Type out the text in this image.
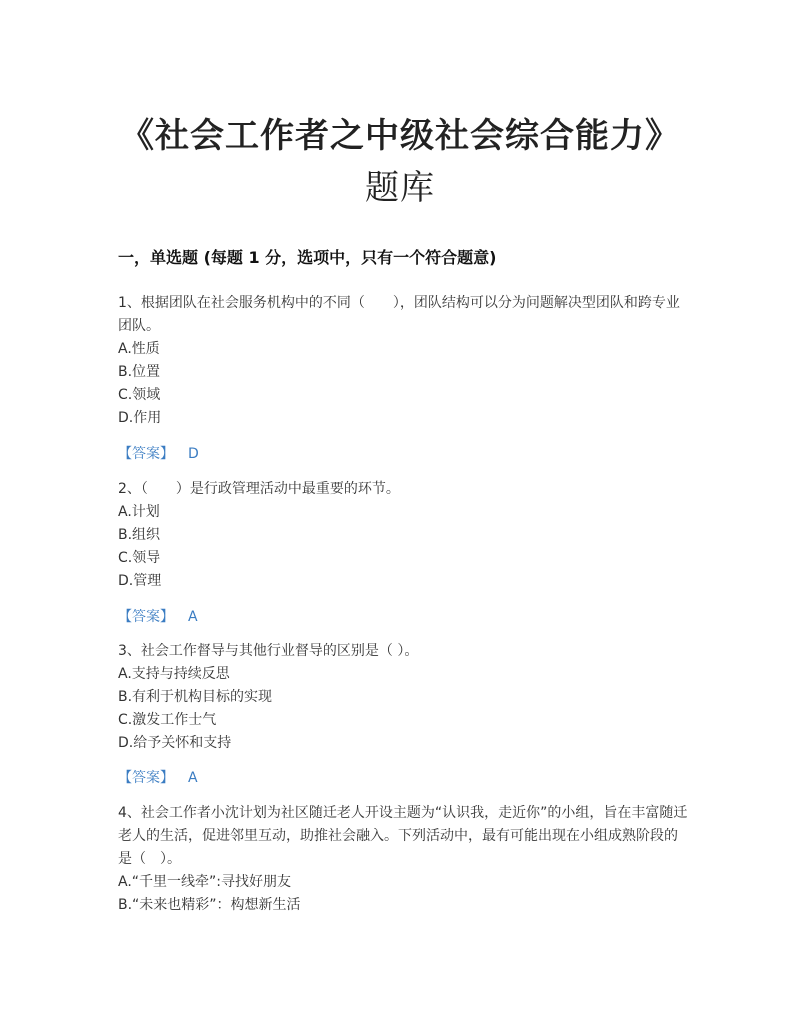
《社会工作者之中级社会综合能力》
题库
一，单选题 (每题 1 分，选项中，只有一个符合题意)

1、根据团队在社会服务机构中的不同（　　），团队结构可以分为问题解决型团队和跨专业团队。

A.性质

B.位置

C.领域

D.作用

【答案】 D

2、（　　）是行政管理活动中最重要的环节。

A.计划

B.组织

C.领导

D.管理

【答案】 A

3、社会工作督导与其他行业督导的区别是（ ）。

A.支持与持续反思

B.有利于机构目标的实现

C.激发工作士气

D.给予关怀和支持

【答案】 A

4、社会工作者小沈计划为社区随迁老人开设主题为“认识我，走近你”的小组，旨在丰富随迁老人的生活，促进邻里互动，助推社会融入。下列活动中，最有可能出现在小组成熟阶段的是（　）。

A.“千里一线牵”:寻找好朋友

B.“未来也精彩”：构想新生活
